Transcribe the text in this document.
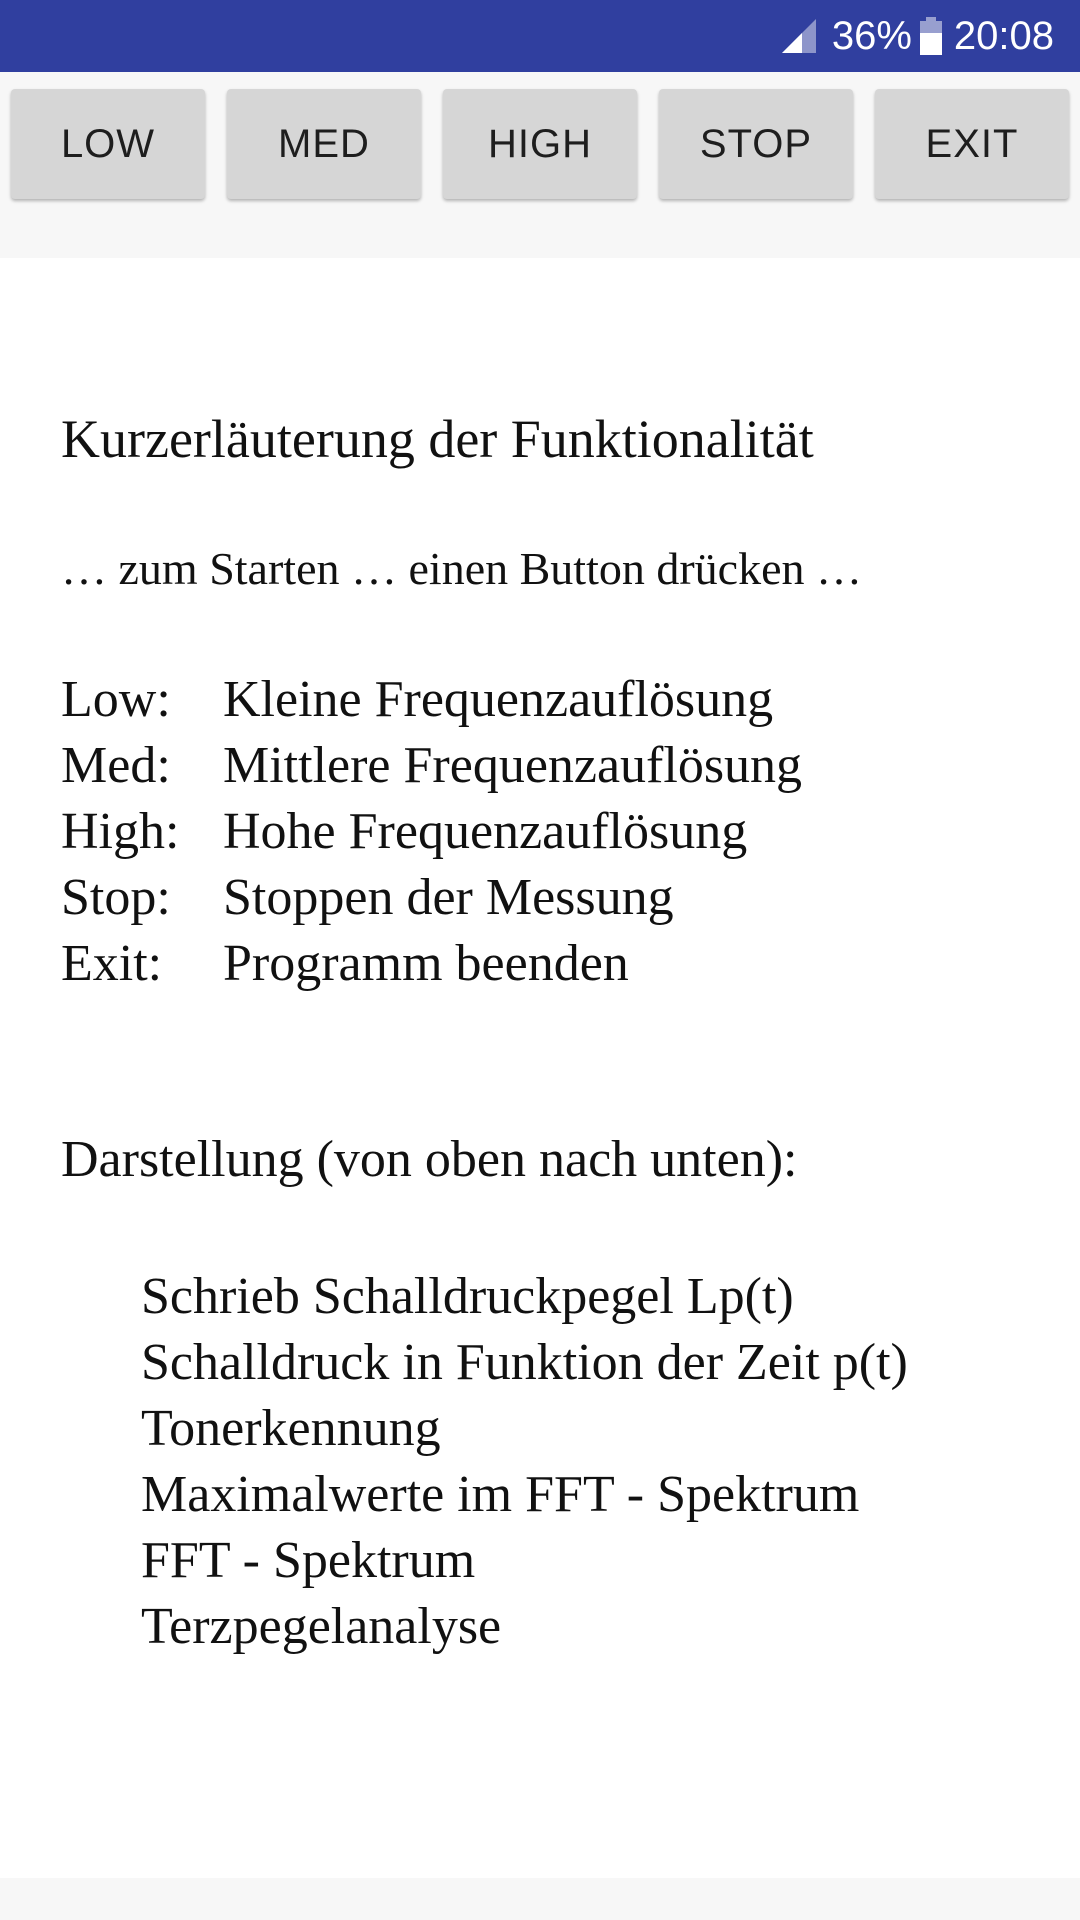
36% 20:08
LOW	MED	HIGH	STOP	EXIT
Kurzerläuterung der Funktionalität
… zum Starten … einen Button drücken …
Low:	Kleine Frequenzauflösung
Med:	Mittlere Frequenzauflösung
High: Hohe Frequenzauflösung
Stop:	Stoppen der Messung
Exit:	Programm beenden
Darstellung (von oben nach unten):
Schrieb Schalldruckpegel Lp(t)
Schalldruck in Funktion der Zeit p(t)
Tonerkennung
Maximalwerte im FFT - Spektrum
FFT - Spektrum
Terzpegelanalyse
